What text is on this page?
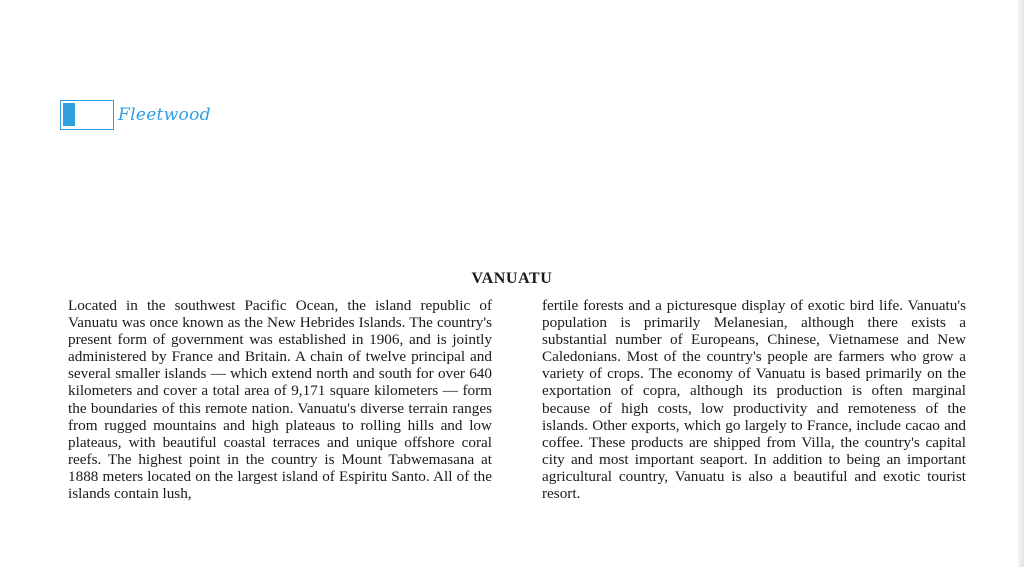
Fleetwood
VANUATU

Located in the southwest Pacific Ocean, the island republic of Vanuatu was once known as the New Hebrides Islands. The country's present form of government was established in 1906, and is jointly administered by France and Britain. A chain of twelve principal and several smaller islands — which extend north and south for over 640 kilometers and cover a total area of 9,171 square kilometers — form the boundaries of this remote nation. Vanuatu's diverse terrain ranges from rugged mountains and high plateaus to rolling hills and low plateaus, with beautiful coastal terraces and unique offshore coral reefs. The highest point in the country is Mount Tabwemasana at 1888 meters located on the largest island of Espiritu Santo. All of the islands contain lush,

fertile forests and a picturesque display of exotic bird life. Vanuatu's population is primarily Melanesian, although there exists a substantial number of Europeans, Chinese, Vietnamese and New Caledonians. Most of the country's people are farmers who grow a variety of crops. The economy of Vanuatu is based primarily on the exportation of copra, although its production is often marginal because of high costs, low productivity and remoteness of the islands. Other exports, which go largely to France, include cacao and coffee. These products are shipped from Villa, the country's capital city and most important seaport. In addition to being an important agricultural country, Vanuatu is also a beautiful and exotic tourist resort.
